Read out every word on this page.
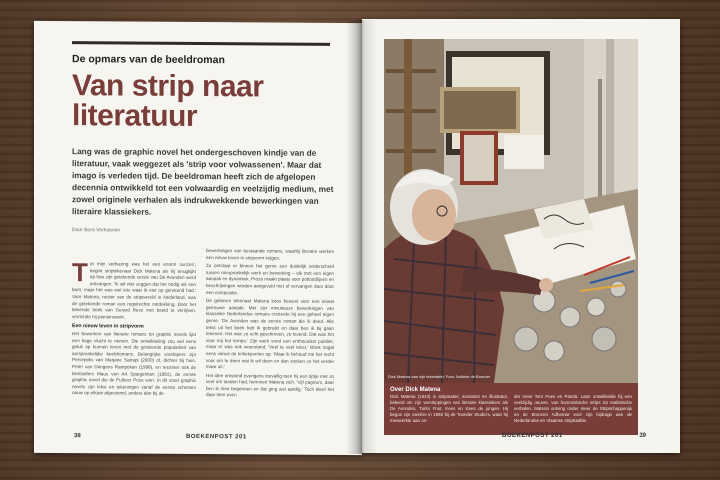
De opmars van de beeldroman
Van strip naar literatuur
Lang was de graphic novel het ondergeschoven kindje van de literatuur, vaak weggezet als 'strip voor volwassenen'. Maar dat imago is verleden tijd. De beeldroman heeft zich de afgelopen decennia ontwikkeld tot een volwaardig en veelzijdig medium, met zowel originele verhalen als indrukwekkende bewerkingen van literaire klassiekers.
Door Bora Verhoeven

Tot mijn verbazing was het een enorm succes', begint striptekenaar Dick Matena als hij terugkijkt op hoe zijn getekende versie van De Avonden werd ontvangen. 'Ik wil niet zeggen dat het nodig als een bom, maar het was wel iets waar ik niet op gerekend had.' Voor Matena, nestor van de stripwereld in Nederland, was de getekende roman een regelrechte ontdekking. Door het bekende boek van Gerard Reve met beeld te verrijken, verrichtte hij pionierswerk.

Een nieuw leven in stripvorm

Het bewerken van literaire romans tot graphic novels lijkt een hoge vlucht te nemen. Die ontwikkeling zou wel eens geluk op kunnen leven met de groeiende populariteit van oorspronkelijke beeldromans. Belangrijke voorlopers zijn Persepolis van Marjane Satrapi (2000) of, dichter bij huis, Peter van Dongens Rampokan (1998), en recenter ook de bestsellers Maus van Art Spiegelman (1991), de eerste graphic novel die de Pulitzer Prize won. In dit soort graphic novels zijn tekst en tekeningen vanaf de eerste schetsen nauw op elkaar afgestemd, anders dan bij de

bewerkingen van bestaande romans, waarbij literaire werken een nieuw leven in stripvorm krijgen.

Zo ontstaat er binnen het genre een duidelijk onderscheid tussen oorspronkelijk werk en bewerking – elk met een eigen aanpak en dynamiek. Proza maakt plaats voor potloodlijnen en beschrijvingen worden aangevuld met of vervangen door door een compositie.

De geboren tekenaar Matena koos bewust voor een ietwat getrouwe aanpak. Met zijn minutieuze bewerkingen van klassieke Nederlandse romans creëerde hij een geheel eigen genre. 'De Avonden was de eerste roman die ik deed. Alle tekst uit het boek heb ik gebruikt en daar ben ik bij gaan tekenen. Het was zo echt geschreven, zo levend. Dat was het voor mij het tempo.' Zijn werk vond een enthousiast publiek, maar er was ook weerstand. 'Veel te veel tekst,' klonk nogal eens vanuit de kritiekpunten op. 'Maar ik behoud me het recht voor om te doen wat ik wil doen en dan zoeken ze het verder maar uit.'

Het idee ontstond overigens toevallig toen hij een tiptje met zo veel om tanden had, herinnert Matena zich. 'Vijf pagina's, daar ben ik mee begonnen en dat ging wel aardig.' Toch bleef het daar toen even

38	BOEKENPOST 201
Dick Matena aan zijn tekentafel. Foto: Nolleke de Boorder
Over Dick Matena
Dick Matena (1943) is stripmaker, scenarist en illustrator, bekend om zijn verstrippingen van literaire klassiekers als De Avonden, Turks Fruit, Kees en Kees de jongen. Hij begon zijn carrière in 1960 bij de Toonder Studio's, waar hij meewerkte aan on-
der meer Tom Poes en Panda. Later ontwikkelde hij een veelzijdig oeuvre, van humoristische strips tot realistische verhalen. Matena ontving onder meer de Stripschappenijs en de Bronzen Adhemar voor zijn bijdrage aan de Nederlandse en Vlaamse striptraditie.
BOEKENPOST 201	39
